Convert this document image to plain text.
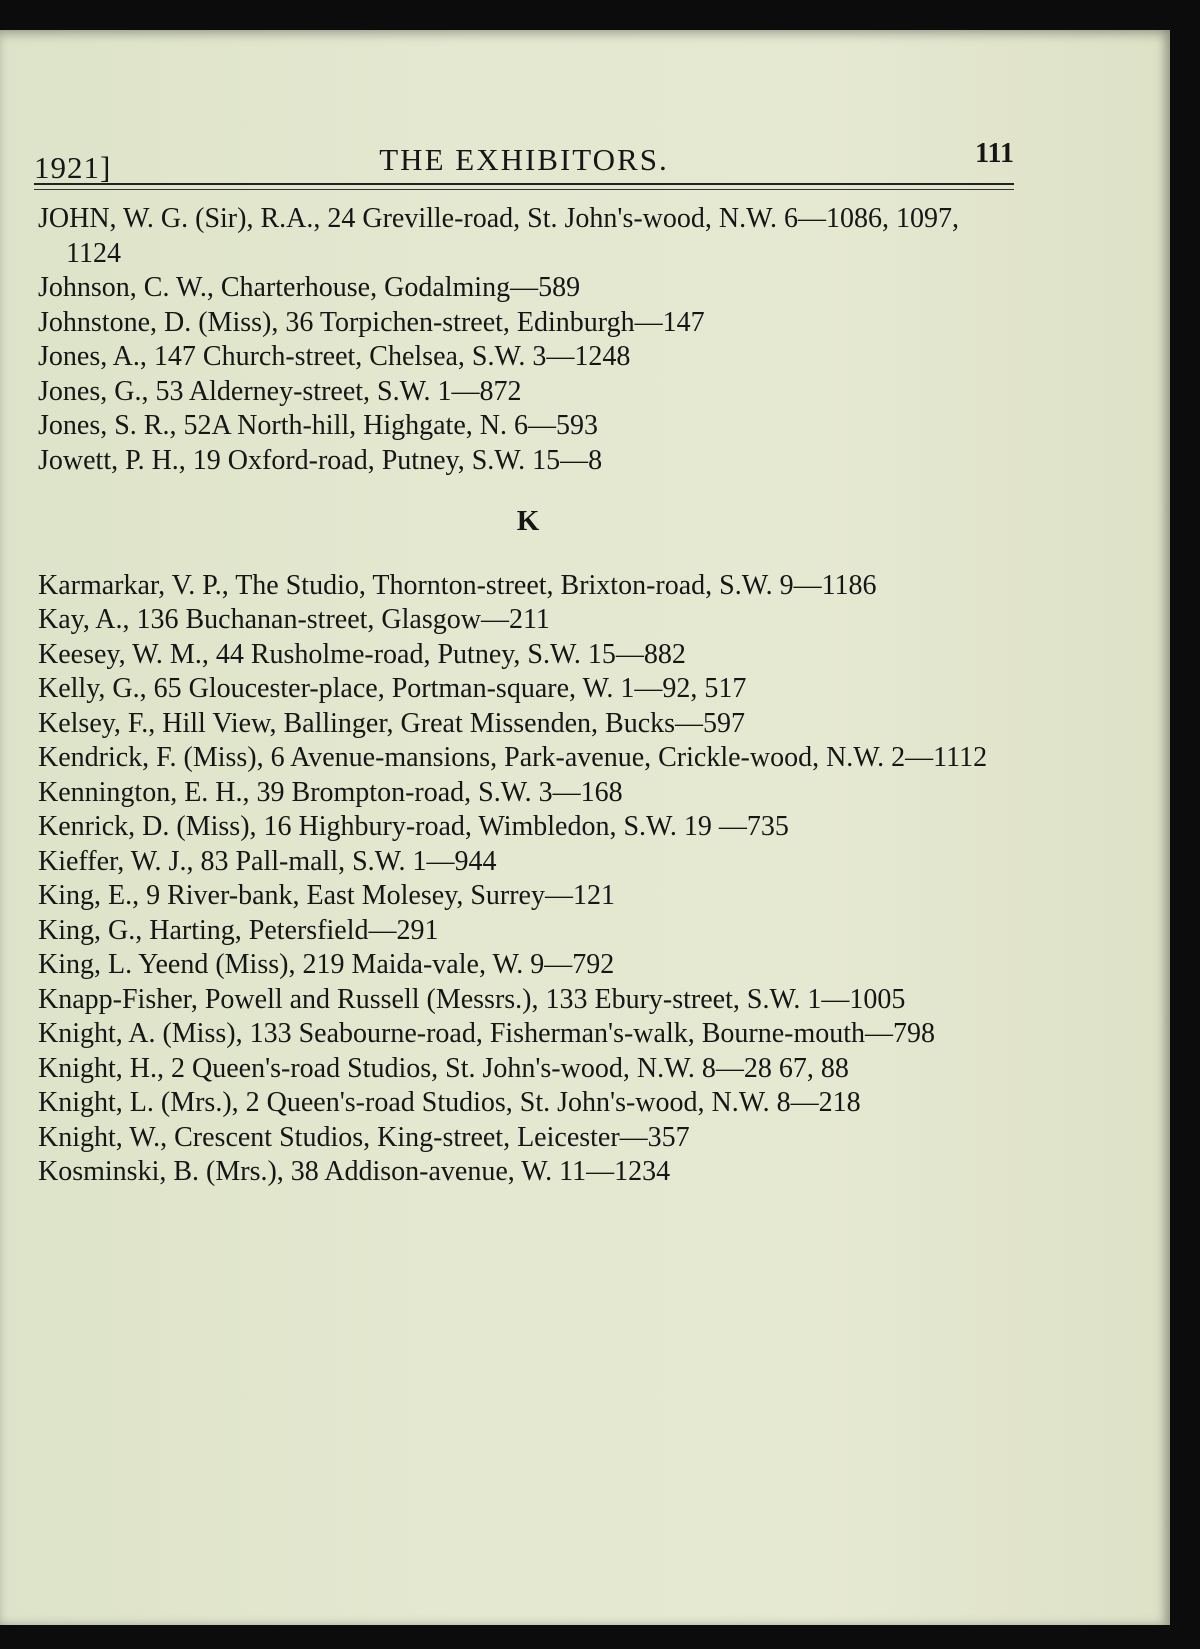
1921]	THE EXHIBITORS.	111

JOHN, W. G. (Sir), R.A., 24 Greville-road, St. John's-wood, N.W. 6—1086, 1097, 1124

Johnson, C. W., Charterhouse, Godalming—589

Johnstone, D. (Miss), 36 Torpichen-street, Edinburgh—147

Jones, A., 147 Church-street, Chelsea, S.W. 3—1248

Jones, G., 53 Alderney-street, S.W. 1—872

Jones, S. R., 52A North-hill, Highgate, N. 6—593

Jowett, P. H., 19 Oxford-road, Putney, S.W. 15—8

K

Karmarkar, V. P., The Studio, Thornton-street, Brixton-road, S.W. 9—1186

Kay, A., 136 Buchanan-street, Glasgow—211

Keesey, W. M., 44 Rusholme-road, Putney, S.W. 15—882

Kelly, G., 65 Gloucester-place, Portman-square, W. 1—92, 517

Kelsey, F., Hill View, Ballinger, Great Missenden, Bucks—597

Kendrick, F. (Miss), 6 Avenue-mansions, Park-avenue, Crickle-wood, N.W. 2—1112

Kennington, E. H., 39 Brompton-road, S.W. 3—168

Kenrick, D. (Miss), 16 Highbury-road, Wimbledon, S.W. 19 —735

Kieffer, W. J., 83 Pall-mall, S.W. 1—944

King, E., 9 River-bank, East Molesey, Surrey—121

King, G., Harting, Petersfield—291

King, L. Yeend (Miss), 219 Maida-vale, W. 9—792

Knapp-Fisher, Powell and Russell (Messrs.), 133 Ebury-street, S.W. 1—1005

Knight, A. (Miss), 133 Seabourne-road, Fisherman's-walk, Bourne-mouth—798

Knight, H., 2 Queen's-road Studios, St. John's-wood, N.W. 8—28 67, 88

Knight, L. (Mrs.), 2 Queen's-road Studios, St. John's-wood, N.W. 8—218

Knight, W., Crescent Studios, King-street, Leicester—357

Kosminski, B. (Mrs.), 38 Addison-avenue, W. 11—1234
